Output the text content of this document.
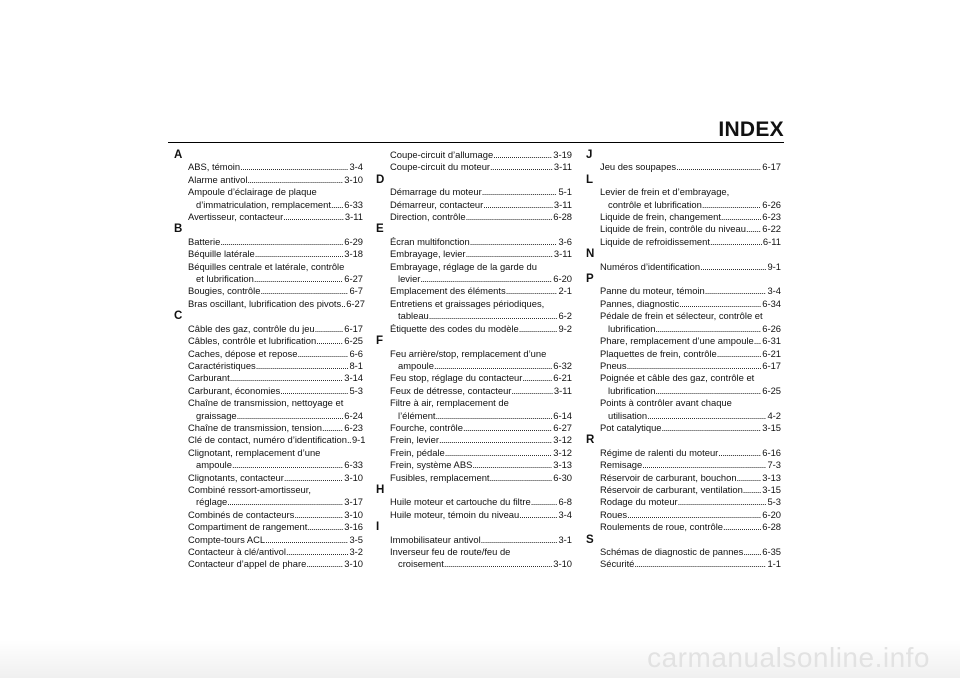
INDEX
A
ABS, témoin . . .	3-4
Alarme antivol . . .	3-10
Ampoule d’éclairage de plaque
d’immatriculation, remplacement . . . 6-33
Avertisseur, contacteur . . .	3-11
B
Batterie . . .	6-29
Béquille latérale . . .	3-18
Béquilles centrale et latérale, contrôle
et lubrification . . .	6-27
Bougies, contrôle . . .	6-7
Bras oscillant, lubrification des pivots . . . 6-27
C
Câble des gaz, contrôle du jeu . . .	6-17
Câbles, contrôle et lubrification . . .	6-25
Caches, dépose et repose . . .	6-6
Caractéristiques . . .	8-1
Carburant . . .	3-14
Carburant, économies . . .	5-3
Chaîne de transmission, nettoyage et
graissage . . .	6-24
Chaîne de transmission, tension . . . 6-23
Clé de contact, numéro d’identification . . . 9-1
Clignotant, remplacement d’une
ampoule . . .	6-33
Clignotants, contacteur . . .	3-10
Combiné ressort-amortisseur,
réglage . . .	3-17
Combinés de contacteurs . . .	3-10
Compartiment de rangement . . .	3-16
Compte-tours ACL . . .	3-5
Contacteur à clé/antivol . . .	3-2
Contacteur d’appel de phare . . .	3-10
Coupe-circuit d’allumage . . .	3-19
Coupe-circuit du moteur . . .	3-11
D
Démarrage du moteur . . .	5-1
Démarreur, contacteur . . .	3-11
Direction, contrôle . . .	6-28
E
Écran multifonction . . .	3-6
Embrayage, levier . . .	3-11
Embrayage, réglage de la garde du
levier . . .	6-20
Emplacement des éléments . . .	2-1
Entretiens et graissages périodiques,
tableau . . .	6-2
Étiquette des codes du modèle . . .	9-2
F
Feu arrière/stop, remplacement d’une
ampoule . . .	6-32
Feu stop, réglage du contacteur . . .	6-21
Feux de détresse, contacteur . . .	3-11
Filtre à air, remplacement de
l’élément . . .	6-14
Fourche, contrôle . . .	6-27
Frein, levier . . .	3-12
Frein, pédale . . .	3-12
Frein, système ABS . . .	3-13
Fusibles, remplacement . . .	6-30
H
Huile moteur et cartouche du filtre . . .	6-8
Huile moteur, témoin du niveau . . .	3-4
I
Immobilisateur antivol . . .	3-1
Inverseur feu de route/feu de
croisement . . .	3-10
J
Jeu des soupapes . . .	6-17
L
Levier de frein et d’embrayage,
contrôle et lubrification . . .	6-26
Liquide de frein, changement . . .	6-23
Liquide de frein, contrôle du niveau . . . 6-22
Liquide de refroidissement . . .	6-11
N
Numéros d’identification . . .	9-1
P
Panne du moteur, témoin . . .	3-4
Pannes, diagnostic . . .	6-34
Pédale de frein et sélecteur, contrôle et
lubrification . . .	6-26
Phare, remplacement d’une ampoule . . . 6-31
Plaquettes de frein, contrôle . . .	6-21
Pneus . . .	6-17
Poignée et câble des gaz, contrôle et
lubrification . . .	6-25
Points à contrôler avant chaque
utilisation . . .	4-2
Pot catalytique . . .	3-15
R
Régime de ralenti du moteur . . .	6-16
Remisage . . .	7-3
Réservoir de carburant, bouchon . . .	3-13
Réservoir de carburant, ventilation . . . 3-15
Rodage du moteur . . .	5-3
Roues . . .	6-20
Roulements de roue, contrôle . . .	6-28
S
Schémas de diagnostic de pannes . . . 6-35
Sécurité . . .	1-1
carmanualsonline.info
